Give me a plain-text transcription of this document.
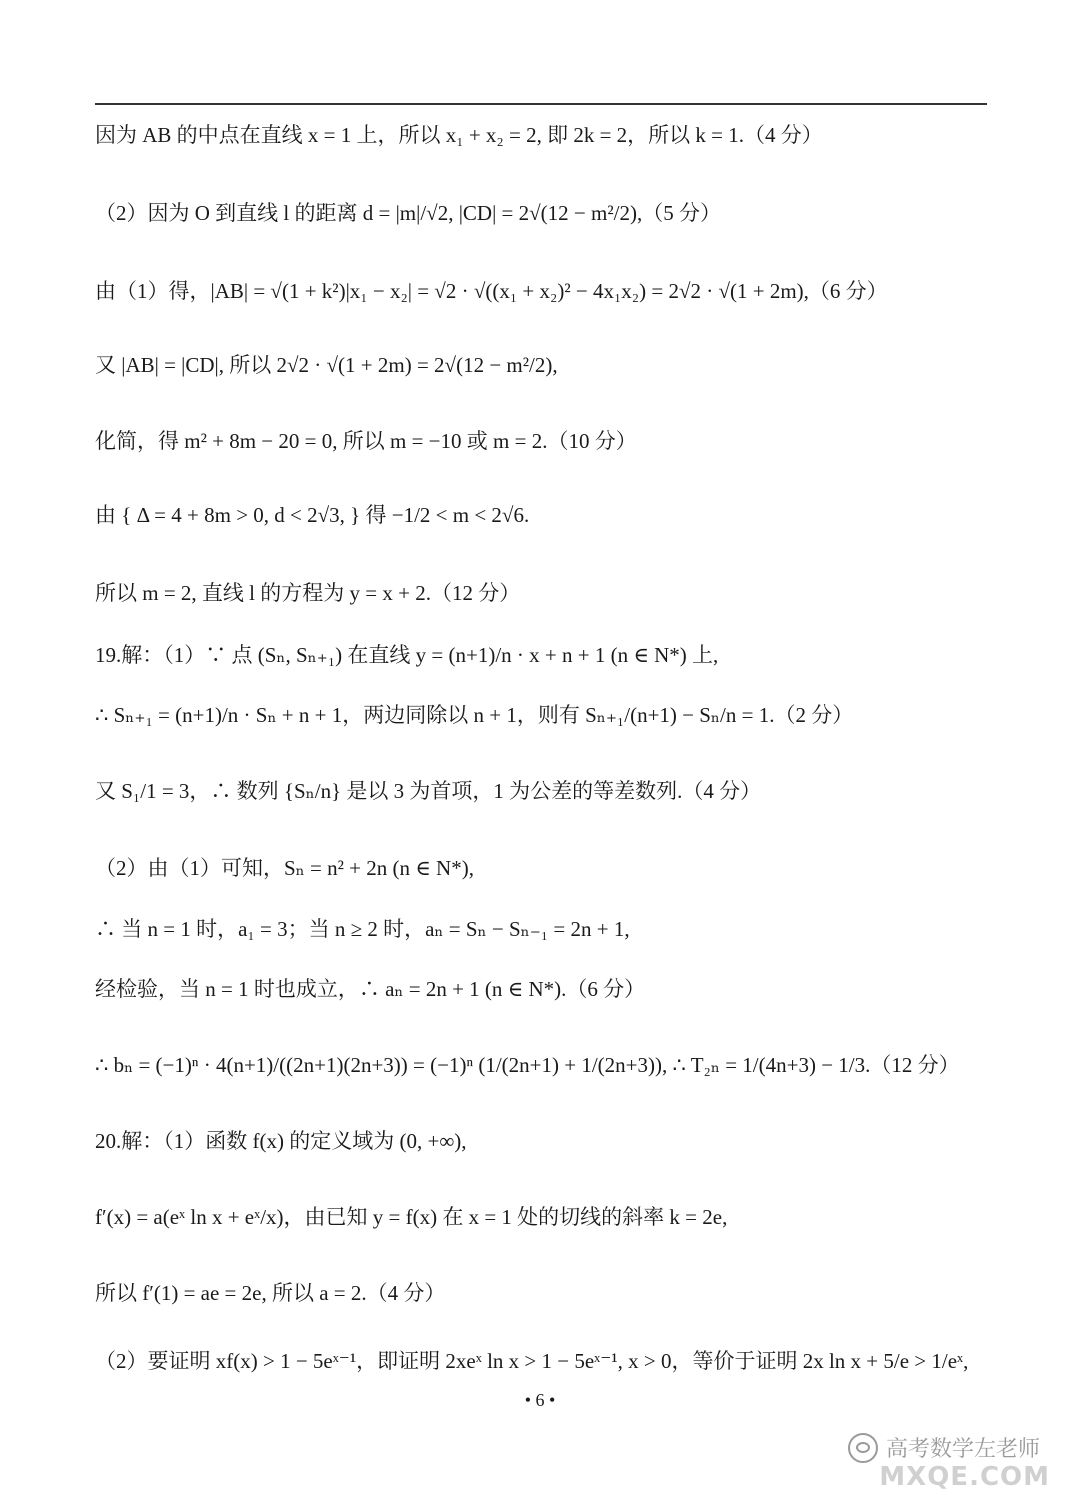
因为 AB 的中点在直线 x = 1 上，所以 x₁ + x₂ = 2, 即 2k = 2，所以 k = 1.（4 分）
（2）因为 O 到直线 l 的距离 d = |m|/√2, |CD| = 2√(12 − m²/2),（5 分）
由（1）得，|AB| = √(1 + k²)|x₁ − x₂| = √2 · √((x₁ + x₂)² − 4x₁x₂) = 2√2 · √(1 + 2m),（6 分）
又 |AB| = |CD|, 所以 2√2 · √(1 + 2m) = 2√(12 − m²/2),
化简，得 m² + 8m − 20 = 0, 所以 m = −10 或 m = 2.（10 分）
由 { Δ = 4 + 8m > 0, d < 2√3, } 得 −1/2 < m < 2√6.
所以 m = 2, 直线 l 的方程为 y = x + 2.（12 分）
19.解：（1）∵ 点 (Sₙ, Sₙ₊₁) 在直线 y = (n+1)/n · x + n + 1 (n ∈ N*) 上,
∴ Sₙ₊₁ = (n+1)/n · Sₙ + n + 1，两边同除以 n + 1，则有 Sₙ₊₁/(n+1) − Sₙ/n = 1.（2 分）
又 S₁/1 = 3，∴ 数列 {Sₙ/n} 是以 3 为首项，1 为公差的等差数列.（4 分）
（2）由（1）可知，Sₙ = n² + 2n (n ∈ N*),
∴ 当 n = 1 时，a₁ = 3；当 n ≥ 2 时，aₙ = Sₙ − Sₙ₋₁ = 2n + 1,
经检验，当 n = 1 时也成立，∴ aₙ = 2n + 1 (n ∈ N*).（6 分）
∴ bₙ = (−1)ⁿ · 4(n+1)/((2n+1)(2n+3)) = (−1)ⁿ (1/(2n+1) + 1/(2n+3)), ∴ T₂ₙ = 1/(4n+3) − 1/3.（12 分）
20.解：（1）函数 f(x) 的定义域为 (0, +∞),
f′(x) = a(eˣ ln x + eˣ/x)，由已知 y = f(x) 在 x = 1 处的切线的斜率 k = 2e,
所以 f′(1) = ae = 2e, 所以 a = 2.（4 分）
（2）要证明 xf(x) > 1 − 5eˣ⁻¹，即证明 2xeˣ ln x > 1 − 5eˣ⁻¹, x > 0，等价于证明 2x ln x + 5/e > 1/eˣ,
• 6 •
高考数学左老师
MXQE.COM
